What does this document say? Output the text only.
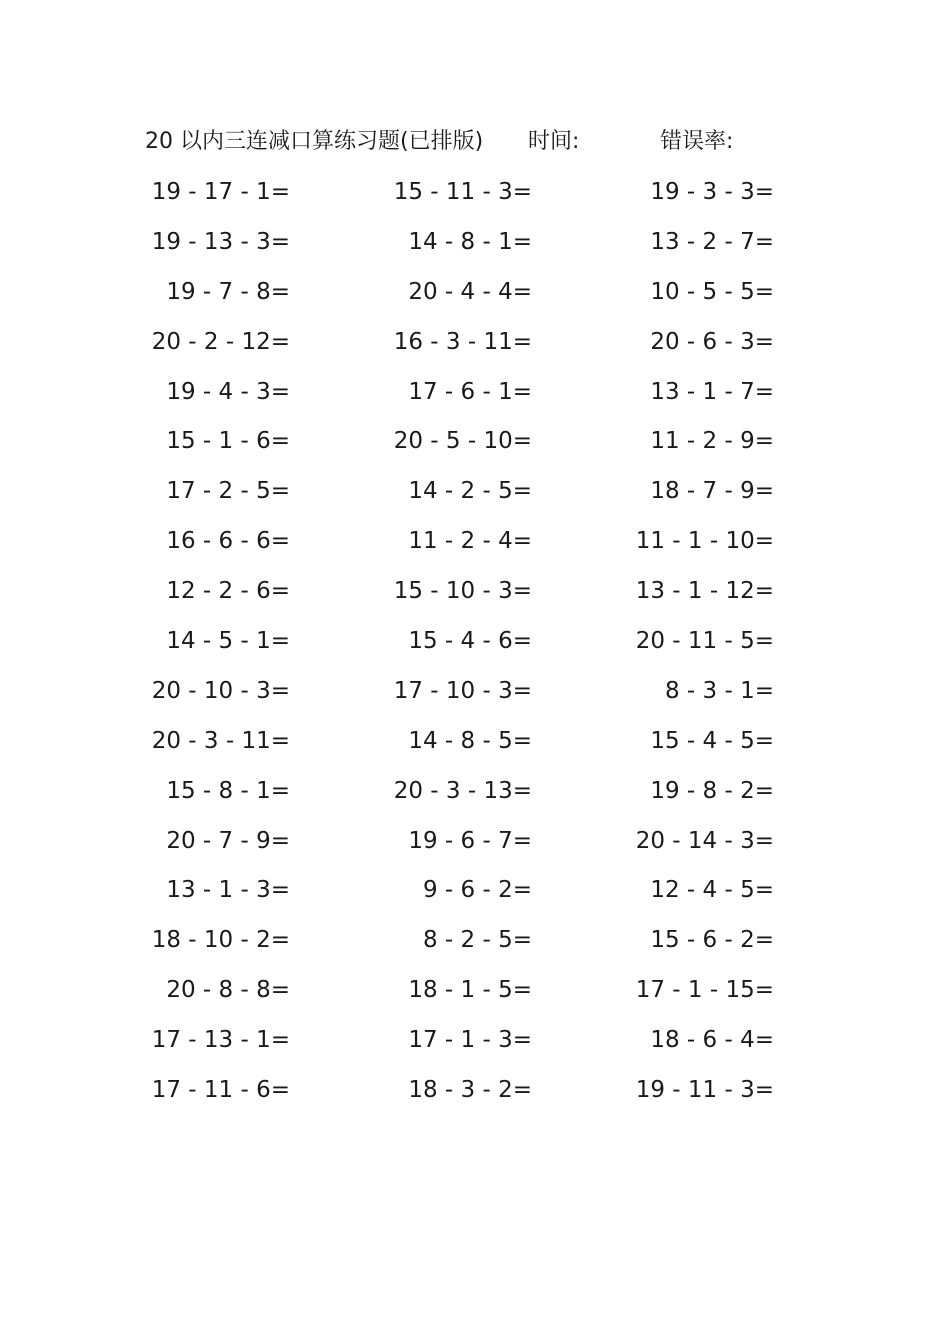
20 以内三连减口算练习题(已排版) 时间:	错误率:
19 - 17 - 1=	15 - 11 - 3=	19 - 3 - 3=
19 - 13 - 3=	14 - 8 - 1=	13 - 2 - 7=
19 - 7 - 8=	20 - 4 - 4=	10 - 5 - 5=
20 - 2 - 12=	16 - 3 - 11=	20 - 6 - 3=
19 - 4 - 3=	17 - 6 - 1=	13 - 1 - 7=
15 - 1 - 6=	20 - 5 - 10=	11 - 2 - 9=
17 - 2 - 5=	14 - 2 - 5=	18 - 7 - 9=
16 - 6 - 6=	11 - 2 - 4=	11 - 1 - 10=
12 - 2 - 6=	15 - 10 - 3=	13 - 1 - 12=
14 - 5 - 1=	15 - 4 - 6=	20 - 11 - 5=
20 - 10 - 3=	17 - 10 - 3=	8 - 3 - 1=
20 - 3 - 11=	14 - 8 - 5=	15 - 4 - 5=
15 - 8 - 1=	20 - 3 - 13=	19 - 8 - 2=
20 - 7 - 9=	19 - 6 - 7=	20 - 14 - 3=
13 - 1 - 3=	9 - 6 - 2=	12 - 4 - 5=
18 - 10 - 2=	8 - 2 - 5=	15 - 6 - 2=
20 - 8 - 8=	18 - 1 - 5=	17 - 1 - 15=
17 - 13 - 1=	17 - 1 - 3=	18 - 6 - 4=
17 - 11 - 6=	18 - 3 - 2=	19 - 11 - 3=
